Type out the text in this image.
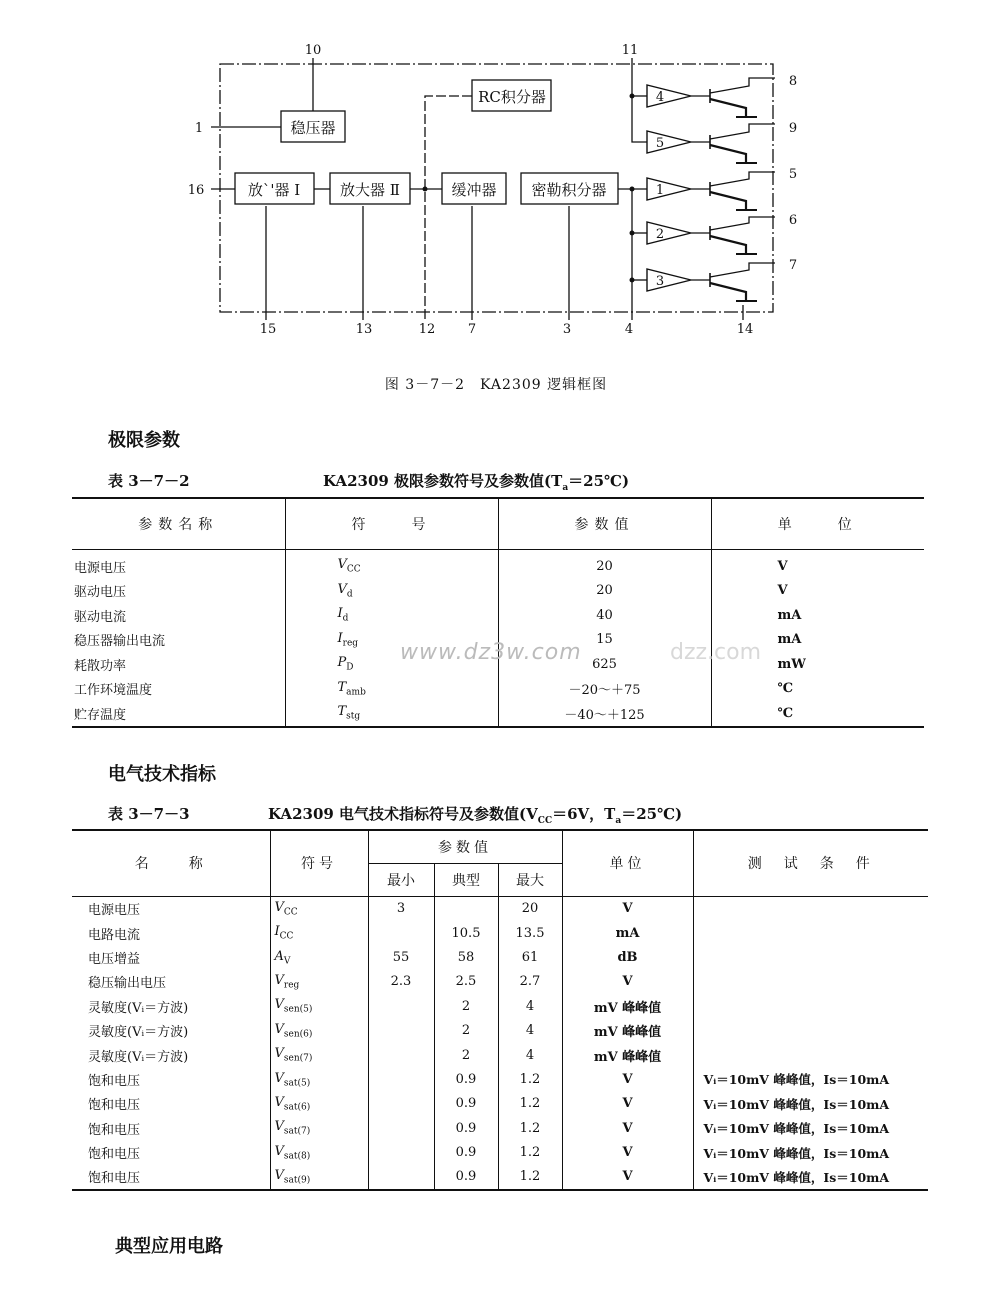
稳压器
RC积分器
放`'器 I	放大器 Ⅱ	缓冲器 密勒积分器
4
5
1
2
3
10	11
1
16
8
9
5
6
7
15	13	12	7	3	4	14
图 3－7－2　KA2309 逻辑框图
极限参数
表 3－7－2	KA2309 极限参数符号及参数值$(T_a=25℃)$
参数名称	符　　号	参数值	单　　位
电源电压	$V_{CC}$	20	V
驱动电压	$V_d$	20	V
驱动电流	$I_d$	40	mA
稳压器输出电流	$I_{reg}$	15	mA
耗散功率	$P_D$	625	mW
工作环境温度	$T_{amb}$	－20～＋75	℃
贮存温度	$T_{stg}$	－40～＋125	℃
www.dz3w.com	dzz.com
电气技术指标
表 3－7－3	KA2309 电气技术指标符号及参数值($V_{CC}=6V$，$T_a=25℃$)
名　　称	符号	参数值			单位	测　试　条　件
		最小	典型	最大		
电源电压	$V_{CC}$	3		20	V	
电路电流	$I_{CC}$		10.5	13.5	mA	
电压增益	$A_V$	55	58	61	dB	
稳压输出电压	$V_{reg}$	2.3	2.5	2.7	V	
灵敏度(Vᵢ＝方波)	$V_{sen(5)}$		2	4	mV 峰峰值	
灵敏度(Vᵢ＝方波)	$V_{sen(6)}$		2	4	mV 峰峰值	
灵敏度(Vᵢ＝方波)	$V_{sen(7)}$		2	4	mV 峰峰值	
饱和电压	$V_{sat(5)}$		0.9	1.2	V	Vᵢ＝10mV 峰峰值，Is＝10mA
饱和电压	$V_{sat(6)}$		0.9	1.2	V	Vᵢ＝10mV 峰峰值，Is＝10mA
饱和电压	$V_{sat(7)}$		0.9	1.2	V	Vᵢ＝10mV 峰峰值，Is＝10mA
饱和电压	$V_{sat(8)}$		0.9	1.2	V	Vᵢ＝10mV 峰峰值，Is＝10mA
饱和电压	$V_{sat(9)}$		0.9	1.2	V	Vᵢ＝10mV 峰峰值，Is＝10mA
典型应用电路
